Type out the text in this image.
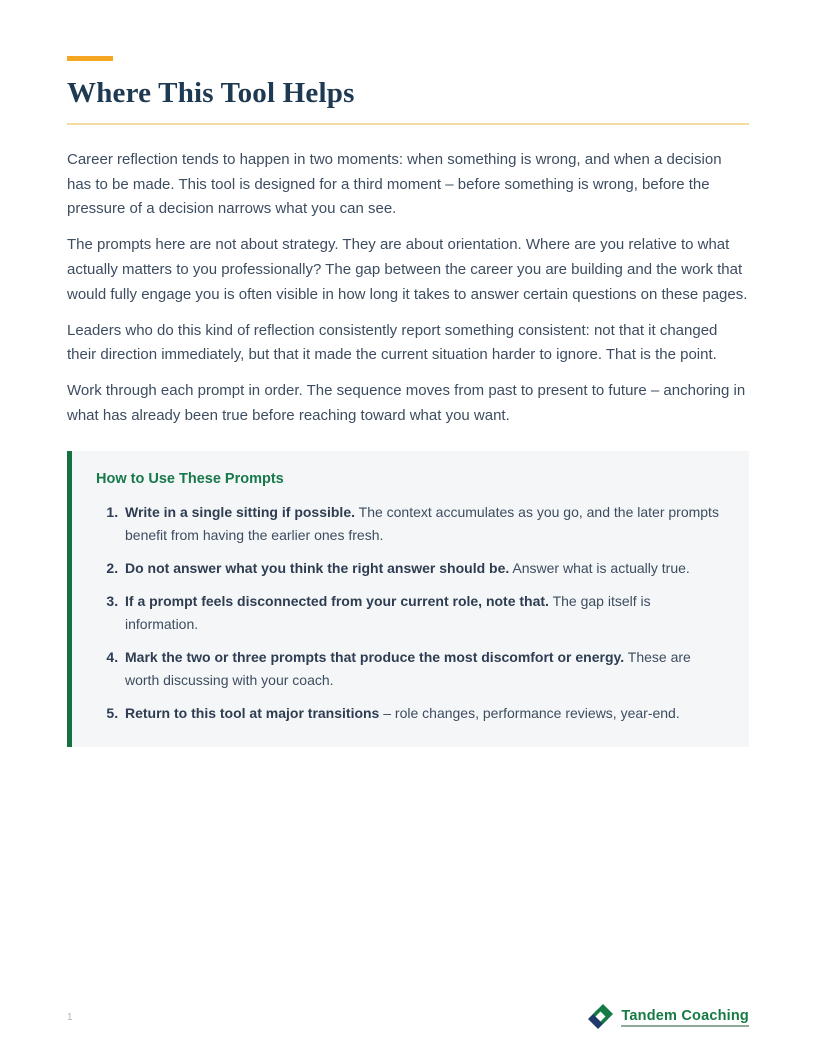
Where This Tool Helps

Career reflection tends to happen in two moments: when something is wrong, and when a decision has to be made. This tool is designed for a third moment – before something is wrong, before the pressure of a decision narrows what you can see.

The prompts here are not about strategy. They are about orientation. Where are you relative to what actually matters to you professionally? The gap between the career you are building and the work that would fully engage you is often visible in how long it takes to answer certain questions on these pages.

Leaders who do this kind of reflection consistently report something consistent: not that it changed their direction immediately, but that it made the current situation harder to ignore. That is the point.

Work through each prompt in order. The sequence moves from past to present to future – anchoring in what has already been true before reaching toward what you want.

How to Use These Prompts
1. Write in a single sitting if possible. The context accumulates as you go, and the later prompts benefit from having the earlier ones fresh.
2. Do not answer what you think the right answer should be. Answer what is actually true.
3. If a prompt feels disconnected from your current role, note that. The gap itself is information.
4. Mark the two or three prompts that produce the most discomfort or energy. These are worth discussing with your coach.
5. Return to this tool at major transitions – role changes, performance reviews, year-end.
1	Tandem Coaching
